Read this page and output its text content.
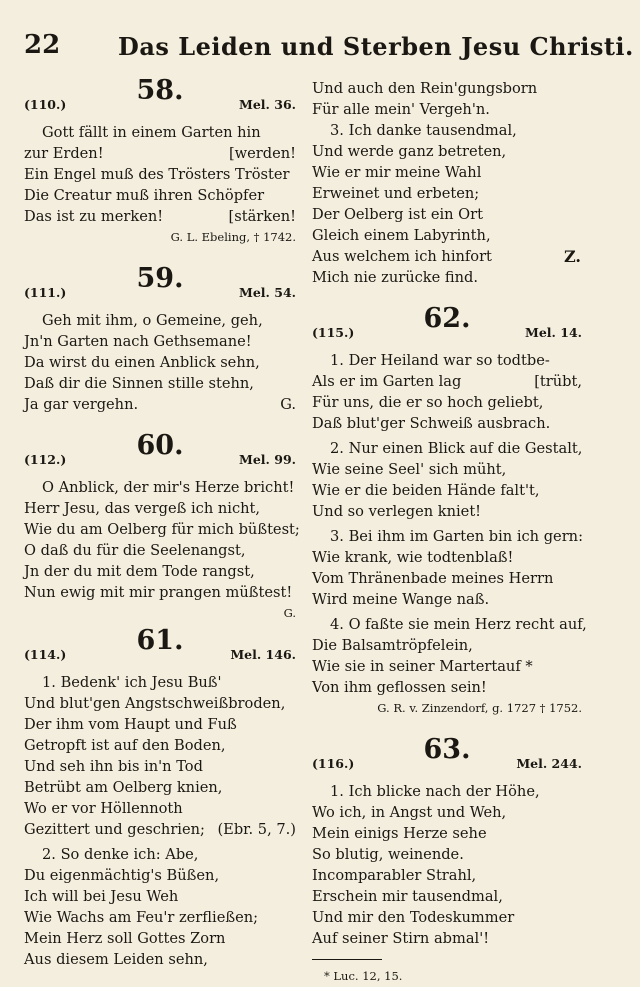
22 Das Leiden und Sterben Jesu Christi.
(110.)	58.	Mel. 36.
Gott fällt in einem Garten hin
zur Erden!	[werden!
Ein Engel muß des Trösters Tröster
Die Creatur muß ihren Schöpfer
Das ist zu merken!	[stärken!
G. L. Ebeling, † 1742.
(111.)	59.	Mel. 54.
Geh mit ihm, o Gemeine, geh,
Jn'n Garten nach Gethsemane!
Da wirst du einen Anblick sehn,
Daß dir die Sinnen stille stehn,
Ja gar vergehn.	G.
(112.)	60.	Mel. 99.
O Anblick, der mir's Herze bricht!
Herr Jesu, das vergeß ich nicht,
Wie du am Oelberg für mich büßtest;
O daß du für die Seelenangst,
Jn der du mit dem Tode rangst,
Nun ewig mit mir prangen müßtest!
G.
(114.)	61.	Mel. 146.
1. Bedenk' ich Jesu Buß'
Und blut'gen Angstschweißbroden,
Der ihm vom Haupt und Fuß
Getropft ist auf den Boden,
Und seh ihn bis in'n Tod
Betrübt am Oelberg knien,
Wo er vor Höllennoth
Gezittert und geschrien; (Ebr. 5, 7.)
2. So denke ich: Abe,
Du eigenmächtig's Büßen,
Ich will bei Jesu Weh
Wie Wachs am Feu'r zerfließen;
Mein Herz soll Gottes Zorn
Aus diesem Leiden sehn,
Und auch den Rein'gungsborn
Für alle mein' Vergeh'n.
3. Ich danke tausendmal,
Und werde ganz betreten,
Wie er mir meine Wahl
Erweinet und erbeten;
Der Oelberg ist ein Ort
Gleich einem Labyrinth,
Aus welchem ich hinfort
Mich nie zurücke find.
Z.
(115.)	62.	Mel. 14.
1. Der Heiland war so todtbe-
Als er im Garten lag	[trübt,
Für uns, die er so hoch geliebt,
Daß blut'ger Schweiß ausbrach.
2. Nur einen Blick auf die Gestalt,
Wie seine Seel' sich müht,
Wie er die beiden Hände falt't,
Und so verlegen kniet!
3. Bei ihm im Garten bin ich gern:
Wie krank, wie todtenblaß!
Vom Thränenbade meines Herrn
Wird meine Wange naß.
4. O faßte sie mein Herz recht auf,
Die Balsamtröpfelein,
Wie sie in seiner Martertauf *
Von ihm geflossen sein!
G. R. v. Zinzendorf, g. 1727 † 1752.
(116.)	63.	Mel. 244.
1. Ich blicke nach der Höhe,
Wo ich, in Angst und Weh,
Mein einigs Herze sehe
So blutig, weinende.
Incomparabler Strahl,
Erschein mir tausendmal,
Und mir den Todeskummer
Auf seiner Stirn abmal'!
* Luc. 12, 15.
